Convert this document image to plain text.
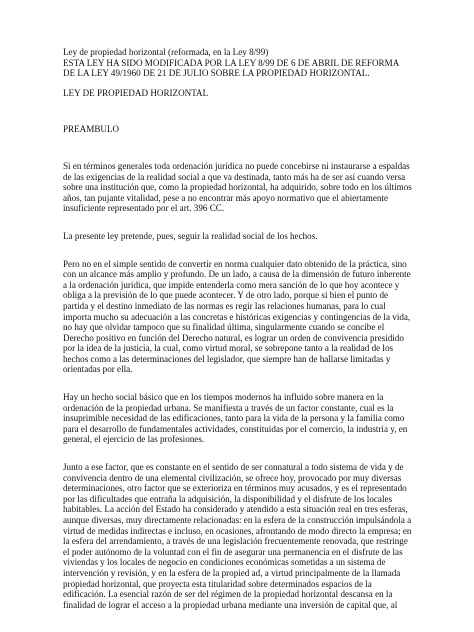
Ley de propiedad horizontal (reformada, en la Ley 8/99)
ESTA LEY HA SIDO MODIFICADA POR LA LEY 8/99 DE 6 DE ABRIL DE REFORMA
DE LA LEY 49/1960 DE 21 DE JULIO SOBRE LA PROPIEDAD HORIZONTAL.
LEY DE PROPIEDAD HORIZONTAL
PREAMBULO
Si en términos generales toda ordenación jurídica no puede concebirse ni instaurarse a espaldas
de las exigencias de la realidad social a que va destinada, tanto más ha de ser así cuando versa
sobre una institución que, como la propiedad horizontal, ha adquirido, sobre todo en los últimos
años, tan pujante vitalidad, pese a no encontrar más apoyo normativo que el abiertamente
insuficiente representado por el art. 396 CC.
La presente ley pretende, pues, seguir la realidad social de los hechos.
Pero no en el simple sentido de convertir en norma cualquier dato obtenido de la práctica, sino
con un alcance más amplio y profundo. De un lado, a causa de la dimensión de futuro inherente
a la ordenación jurídica, que impide entenderla como mera sanción de lo que hoy acontece y
obliga a la previsión de lo que puede acontecer. Y de otro lado, porque si bien el punto de
partida y el destino inmediato de las normas es regir las relaciones humanas, para lo cual
importa mucho su adecuación a las concretas e históricas exigencias y contingencias de la vida,
no hay que olvidar tampoco que su finalidad última, singularmente cuando se concibe el
Derecho positivo en función del Derecho natural, es lograr un orden de convivencia presidido
por la idea de la justicia, la cual, como virtud moral, se sobrepone tanto a la realidad de los
hechos como a las determinaciones del legislador, que siempre han de hallarse limitadas y
orientadas por ella.
Hay un hecho social básico que en los tiempos modernos ha influido sobre manera en la
ordenación de la propiedad urbana. Se manifiesta a través de un factor constante, cual es la
insuprimible necesidad de las edificaciones, tanto para la vida de la persona y la familia como
para el desarrollo de fundamentales actividades, constituidas por el comercio, la industria y, en
general, el ejercicio de las profesiones.
Junto a ese factor, que es constante en el sentido de ser connatural a todo sistema de vida y de
convivencia dentro de una elemental civilización, se ofrece hoy, provocado por muy diversas
determinaciones, otro factor que se exterioriza en términos muy acusados, y es el representado
por las dificultades que entraña la adquisición, la disponibilidad y el disfrute de los locales
habitables. La acción del Estado ha considerado y atendido a esta situación real en tres esferas,
aunque diversas, muy directamente relacionadas: en la esfera de la construcción impulsándola a
virtud de medidas indirectas e incluso, en ocasiones, afrontando de modo directo la empresa; en
la esfera del arrendamiento, a través de una legislación frecuentemente renovada, que restringe
el poder autónomo de la voluntad con el fin de asegurar una permanencia en el disfrute de las
viviendas y los locales de negocio en condiciones económicas sometidas a un sistema de
intervención y revisión, y en la esfera de la propied ad, a virtud principalmente de la llamada
propiedad horizontal, que proyecta esta titularidad sobre determinados espacios de la
edificación. La esencial razón de ser del régimen de la propiedad horizontal descansa en la
finalidad de lograr el acceso a la propiedad urbana mediante una inversión de capital que, al
